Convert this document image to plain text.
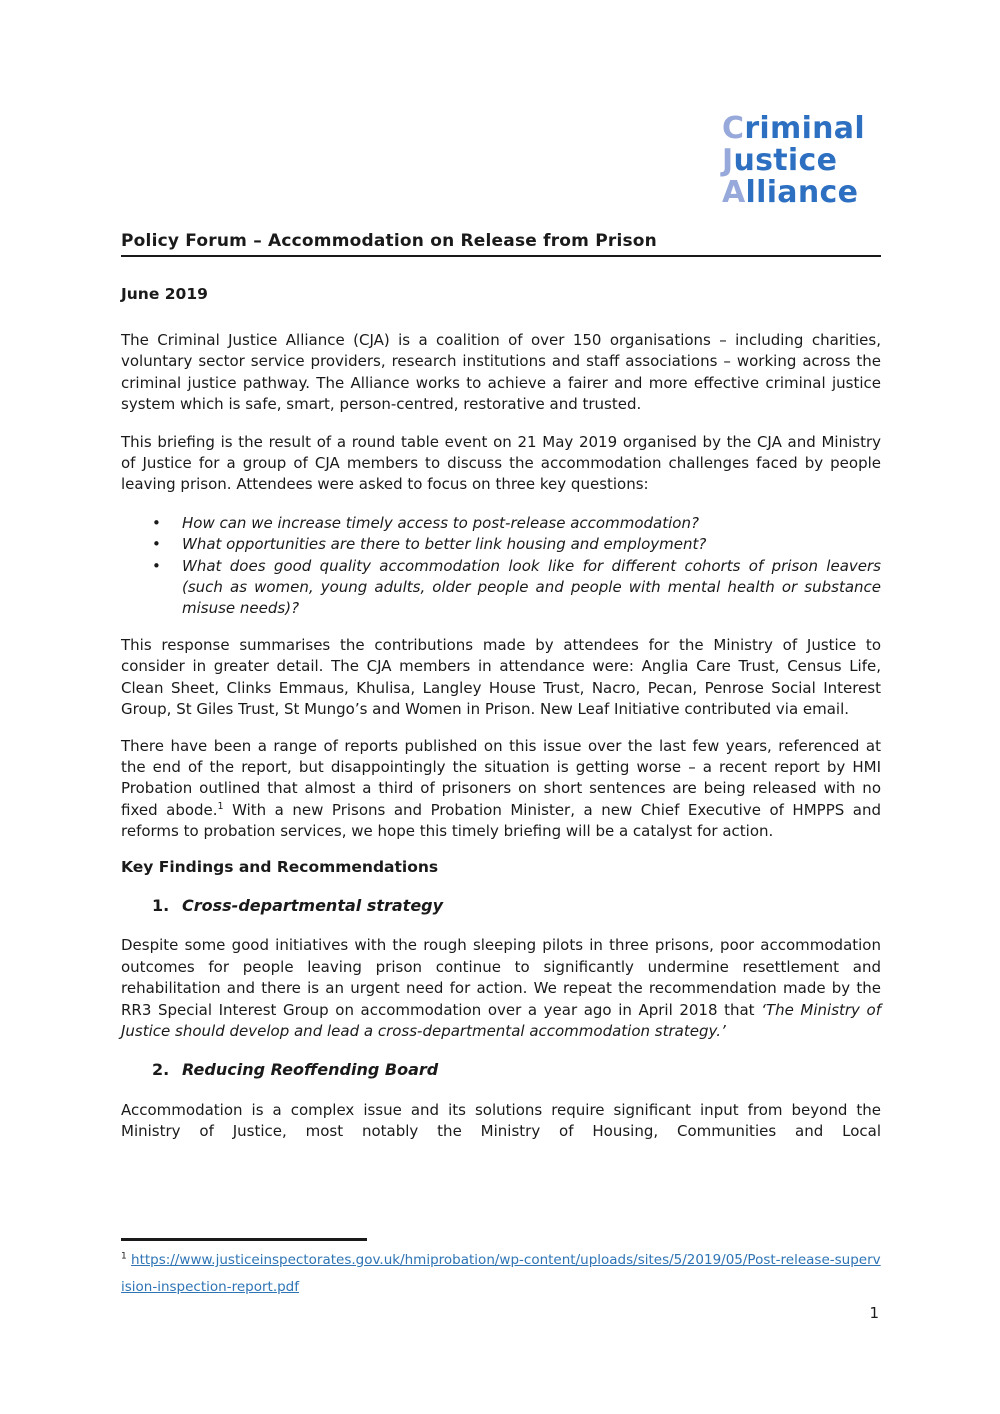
Criminal
Justice
Alliance
Policy Forum – Accommodation on Release from Prison

June 2019

The Criminal Justice Alliance (CJA) is a coalition of over 150 organisations – including charities, voluntary sector service providers, research institutions and staff associations – working across the criminal justice pathway. The Alliance works to achieve a fairer and more effective criminal justice system which is safe, smart, person-centred, restorative and trusted.

This briefing is the result of a round table event on 21 May 2019 organised by the CJA and Ministry of Justice for a group of CJA members to discuss the accommodation challenges faced by people leaving prison. Attendees were asked to focus on three key questions:

•	How can we increase timely access to post-release accommodation?
•	What opportunities are there to better link housing and employment?
•	What does good quality accommodation look like for different cohorts of prison leavers (such as women, young adults, older people and people with mental health or substance misuse needs)?

This response summarises the contributions made by attendees for the Ministry of Justice to consider in greater detail. The CJA members in attendance were: Anglia Care Trust, Census Life, Clean Sheet, Clinks Emmaus, Khulisa, Langley House Trust, Nacro, Pecan, Penrose Social Interest Group, St Giles Trust, St Mungo’s and Women in Prison. New Leaf Initiative contributed via email.

There have been a range of reports published on this issue over the last few years, referenced at the end of the report, but disappointingly the situation is getting worse – a recent report by HMI Probation outlined that almost a third of prisoners on short sentences are being released with no fixed abode.$^1$ With a new Prisons and Probation Minister, a new Chief Executive of HMPPS and reforms to probation services, we hope this timely briefing will be a catalyst for action.

Key Findings and Recommendations

1. Cross-departmental strategy

Despite some good initiatives with the rough sleeping pilots in three prisons, poor accommodation outcomes for people leaving prison continue to significantly undermine resettlement and rehabilitation and there is an urgent need for action. We repeat the recommendation made by the RR3 Special Interest Group on accommodation over a year ago in April 2018 that ‘The Ministry of Justice should develop and lead a cross-departmental accommodation strategy.’

2. Reducing Reoffending Board

Accommodation is a complex issue and its solutions require significant input from beyond the Ministry of Justice, most notably the Ministry of Housing, Communities and Local

$^1$ https://www.justiceinspectorates.gov.uk/hmiprobation/wp-content/uploads/sites/5/2019/05/Post-release-supervision-inspection-report.pdf

1
